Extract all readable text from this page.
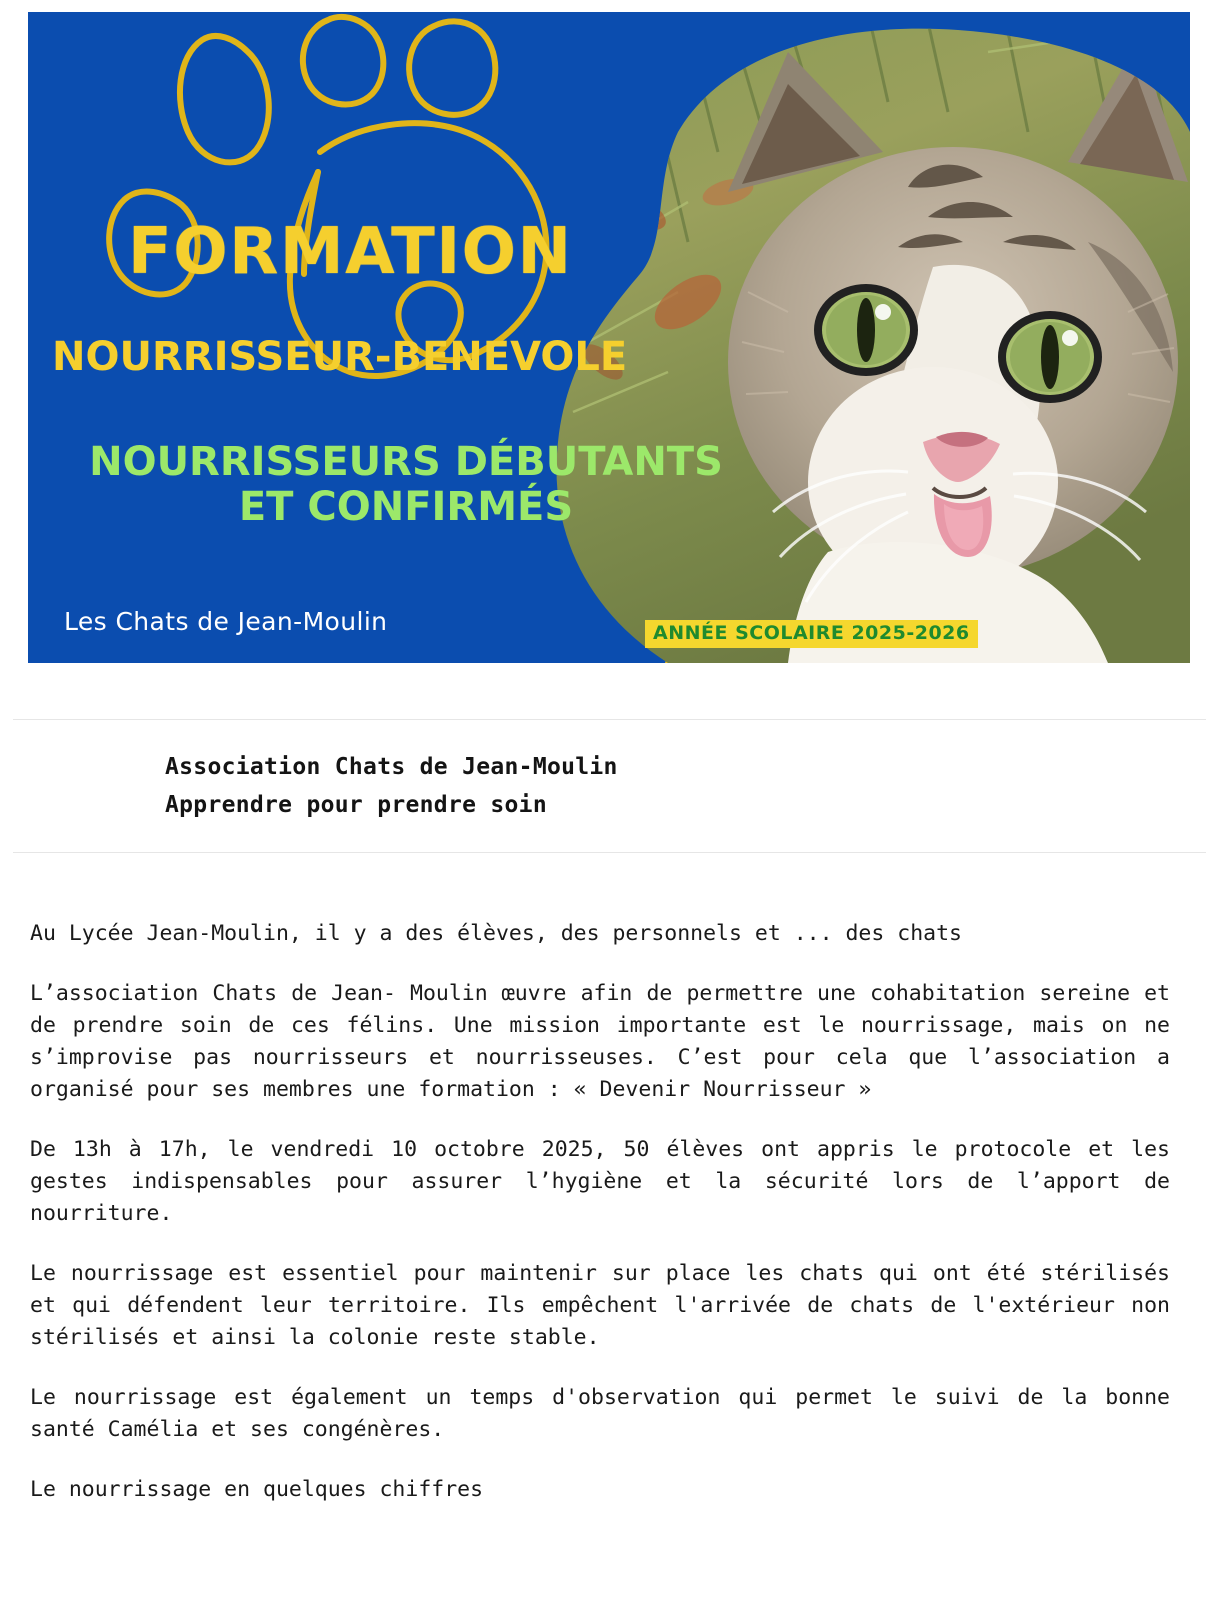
FORMATION
NOURRISSEUR-BENEVOLE
NOURRISSEURS DÉBUTANTS
ET CONFIRMÉS
Les Chats de Jean-Moulin	ANNÉE SCOLAIRE 2025-2026
Association Chats de Jean-Moulin
Apprendre pour prendre soin

Au Lycée Jean-Moulin, il y a des élèves, des personnels et ... des chats

L’association Chats de Jean- Moulin œuvre afin de permettre une cohabitation sereine et de prendre soin de ces félins. Une mission importante est le nourrissage, mais on ne s’improvise pas nourrisseurs et nourrisseuses. C’est pour cela que l’association a organisé pour ses membres une formation : « Devenir Nourrisseur »

De 13h à 17h, le vendredi 10 octobre 2025, 50 élèves ont appris le protocole et les gestes indispensables pour assurer l’hygiène et la sécurité lors de l’apport de nourriture.

Le nourrissage est essentiel pour maintenir sur place les chats qui ont été stérilisés et qui défendent leur territoire. Ils empêchent l'arrivée de chats de l'extérieur non stérilisés et ainsi la colonie reste stable.

Le nourrissage est également un temps d'observation qui permet le suivi de la bonne santé Camélia et ses congénères.

Le nourrissage en quelques chiffres
